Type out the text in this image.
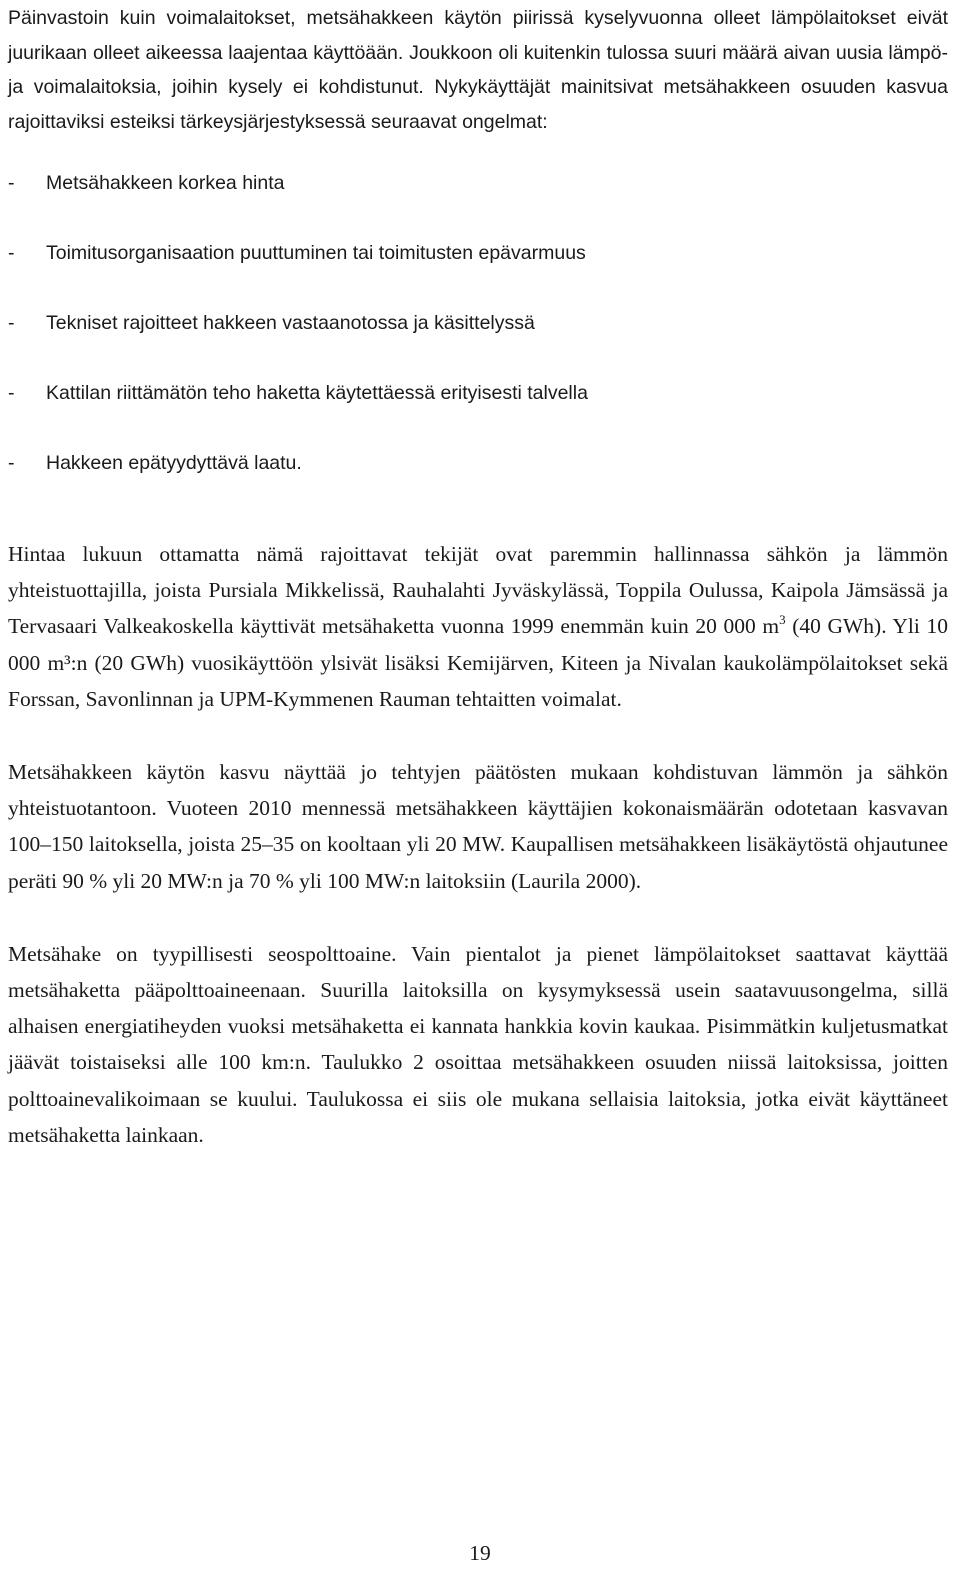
Päinvastoin kuin voimalaitokset, metsähakkeen käytön piirissä kyselyvuonna olleet lämpölaitokset eivät juurikaan olleet aikeessa laajentaa käyttöään. Joukkoon oli kuitenkin tulossa suuri määrä aivan uusia lämpö- ja voimalaitoksia, joihin kysely ei kohdistunut. Nykykäyttäjät mainitsivat metsähakkeen osuuden kasvua rajoittaviksi esteiksi tärkeysjärjestyksessä seuraavat ongelmat:

-	Metsähakkeen korkea hinta
-	Toimitusorganisaation puuttuminen tai toimitusten epävarmuus
-	Tekniset rajoitteet hakkeen vastaanotossa ja käsittelyssä
-	Kattilan riittämätön teho haketta käytettäessä erityisesti talvella
-	Hakkeen epätyydyttävä laatu.

Hintaa lukuun ottamatta nämä rajoittavat tekijät ovat paremmin hallinnassa sähkön ja lämmön yhteistuottajilla, joista Pursiala Mikkelissä, Rauhalahti Jyväskylässä, Toppila Oulussa, Kaipola Jämsässä ja Tervasaari Valkeakoskella käyttivät metsähaketta vuonna 1999 enemmän kuin 20 000 $m^3$ (40 GWh). Yli 10 000 m³:n (20 GWh) vuosikäyttöön ylsivät lisäksi Kemijärven, Kiteen ja Nivalan kaukolämpölaitokset sekä Forssan, Savonlinnan ja UPM-Kymmenen Rauman tehtaitten voimalat.

Metsähakkeen käytön kasvu näyttää jo tehtyjen päätösten mukaan kohdistuvan lämmön ja sähkön yhteistuotantoon. Vuoteen 2010 mennessä metsähakkeen käyttäjien kokonaismäärän odotetaan kasvavan 100–150 laitoksella, joista 25–35 on kooltaan yli 20 MW. Kaupallisen metsähakkeen lisäkäytöstä ohjautunee peräti 90 % yli 20 MW:n ja 70 % yli 100 MW:n laitoksiin (Laurila 2000).

Metsähake on tyypillisesti seospolttoaine. Vain pientalot ja pienet lämpölaitokset saattavat käyttää metsähaketta pääpolttoaineenaan. Suurilla laitoksilla on kysymyksessä usein saatavuusongelma, sillä alhaisen energiatiheyden vuoksi metsähaketta ei kannata hankkia kovin kaukaa. Pisimmätkin kuljetusmatkat jäävät toistaiseksi alle 100 km:n. Taulukko 2 osoittaa metsähakkeen osuuden niissä laitoksissa, joitten polttoainevalikoimaan se kuului. Taulukossa ei siis ole mukana sellaisia laitoksia, jotka eivät käyttäneet metsähaketta lainkaan.

19
